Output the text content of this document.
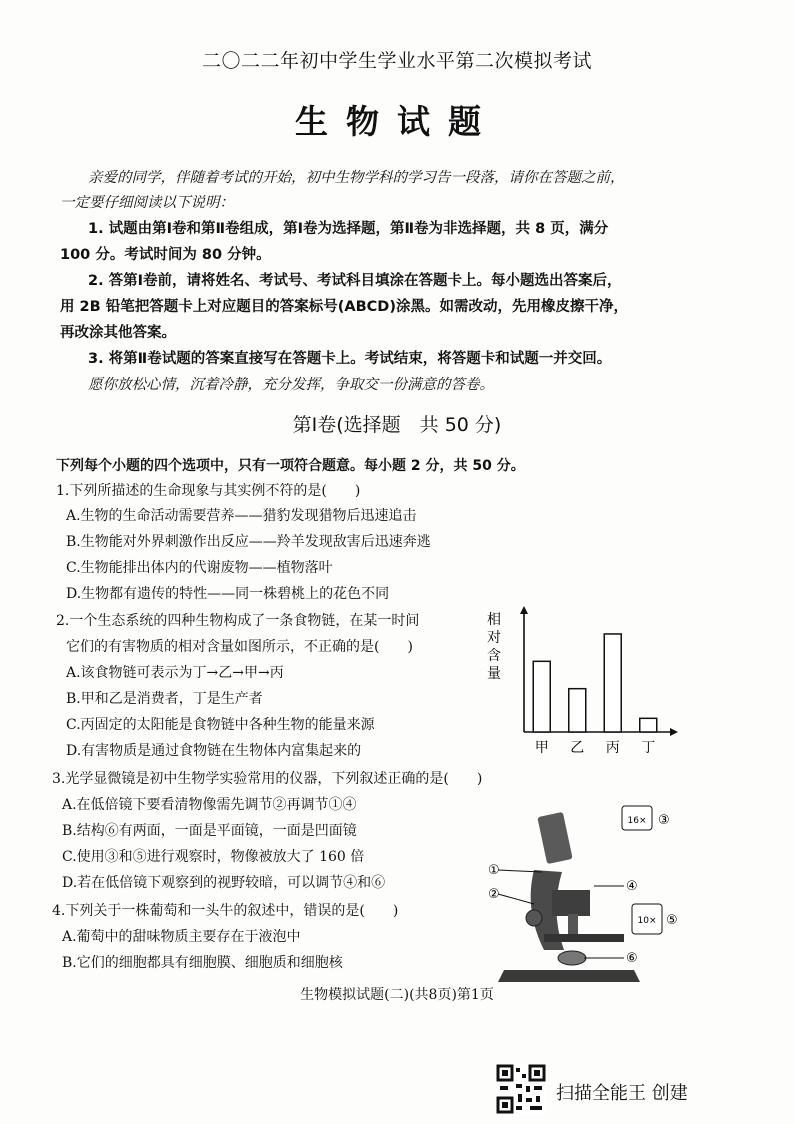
二〇二二年初中学生学业水平第二次模拟考试
生物试题
亲爱的同学，伴随着考试的开始，初中生物学科的学习告一段落，请你在答题之前，
一定要仔细阅读以下说明：
1. 试题由第Ⅰ卷和第Ⅱ卷组成，第Ⅰ卷为选择题，第Ⅱ卷为非选择题，共 8 页，满分
100 分。考试时间为 80 分钟。
2. 答第Ⅰ卷前，请将姓名、考试号、考试科目填涂在答题卡上。每小题选出答案后，
用 2B 铅笔把答题卡上对应题目的答案标号(ABCD)涂黑。如需改动，先用橡皮擦干净，
再改涂其他答案。
3. 将第Ⅱ卷试题的答案直接写在答题卡上。考试结束，将答题卡和试题一并交回。
愿你放松心情，沉着冷静，充分发挥，争取交一份满意的答卷。
第Ⅰ卷(选择题　共 50 分)
下列每个小题的四个选项中，只有一项符合题意。每小题 2 分，共 50 分。
1.下列所描述的生命现象与其实例不符的是(　　)
A.生物的生命活动需要营养——猎豹发现猎物后迅速追击
B.生物能对外界刺激作出反应——羚羊发现敌害后迅速奔逃
C.生物能排出体内的代谢废物——植物落叶
D.生物都有遗传的特性——同一株碧桃上的花色不同
2.一个生态系统的四种生物构成了一条食物链，在某一时间
它们的有害物质的相对含量如图所示，不正确的是(　　)
A.该食物链可表示为丁→乙→甲→丙
B.甲和乙是消费者，丁是生产者
C.丙固定的太阳能是食物链中各种生物的能量来源
D.有害物质是通过食物链在生物体内富集起来的
相
对
含
量
甲 乙 丙 丁
3.光学显微镜是初中生物学实验常用的仪器，下列叙述正确的是(　　)
A.在低倍镜下要看清物像需先调节②再调节①④
B.结构⑥有两面，一面是平面镜，一面是凹面镜
C.使用③和⑤进行观察时，物像被放大了 160 倍
D.若在低倍镜下观察到的视野较暗，可以调节④和⑥
4.下列关于一株葡萄和一头牛的叙述中，错误的是(　　)
A.葡萄中的甜味物质主要存在于液泡中
B.它们的细胞都具有细胞膜、细胞质和细胞核
16×
10×
①
②
③
④
⑤
⑥
生物模拟试题(二)(共8页)第1页
扫描全能王 创建
